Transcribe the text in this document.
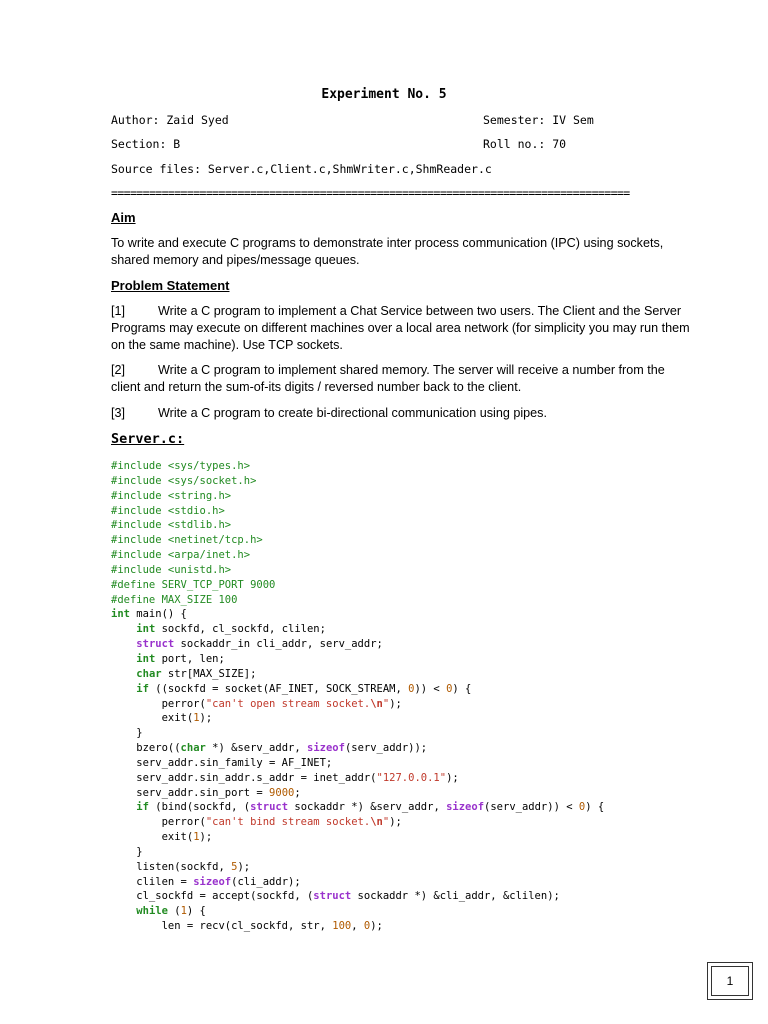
Experiment No. 5
Author: Zaid Syed	Semester: IV Sem
Section: B	Roll no.: 70
Source files: Server.c,Client.c,ShmWriter.c,ShmReader.c
==================================================================================
Aim
To write and execute C programs to demonstrate inter process communication (IPC) using sockets, shared memory and pipes/message queues.
Problem Statement
[1]	Write a C program to implement a Chat Service between two users. The Client and the Server Programs may execute on different machines over a local area network (for simplicity you may run them on the same machine). Use TCP sockets.
[2]	Write a C program to implement shared memory. The server will receive a number from the client and return the sum-of-its digits / reversed number back to the client.
[3]	Write a C program to create bi-directional communication using pipes.
Server.c:
#include <sys/types.h>
#include <sys/socket.h>
#include <string.h>
#include <stdio.h>
#include <stdlib.h>
#include <netinet/tcp.h>
#include <arpa/inet.h>
#include <unistd.h>
#define SERV_TCP_PORT 9000
#define MAX_SIZE 100
int main() {
int sockfd, cl_sockfd, clilen;
struct sockaddr_in cli_addr, serv_addr;
int port, len;
char str[MAX_SIZE];
if ((sockfd = socket(AF_INET, SOCK_STREAM, 0)) < 0) {
perror("can't open stream socket.\n");
exit(1);
}
bzero((char *) &serv_addr, sizeof(serv_addr));
serv_addr.sin_family = AF_INET;
serv_addr.sin_addr.s_addr = inet_addr("127.0.0.1");
serv_addr.sin_port = 9000;
if (bind(sockfd, (struct sockaddr *) &serv_addr, sizeof(serv_addr)) < 0) {
perror("can't bind stream socket.\n");
exit(1);
}
listen(sockfd, 5);
clilen = sizeof(cli_addr);
cl_sockfd = accept(sockfd, (struct sockaddr *) &cli_addr, &clilen);
while (1) {
len = recv(cl_sockfd, str, 100, 0);
1
